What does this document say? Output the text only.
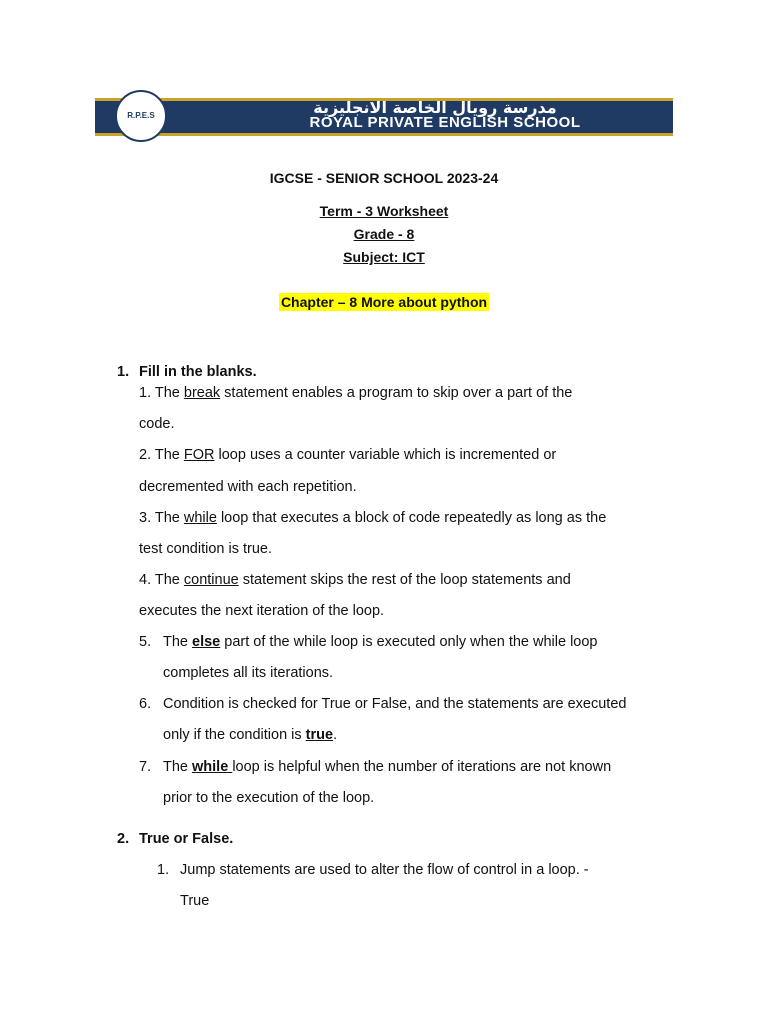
R.P.E.S	مدرسة رويال الخاصة الانجليزية
ROYAL PRIVATE ENGLISH SCHOOL
IGCSE - SENIOR SCHOOL 2023-24
Term - 3 Worksheet
Grade - 8
Subject: ICT
Chapter – 8 More about python
1. Fill in the blanks.
1. The break statement enables a program to skip over a part of the
code.
2. The FOR loop uses a counter variable which is incremented or
decremented with each repetition.
3. The while loop that executes a block of code repeatedly as long as the
test condition is true.
4. The continue statement skips the rest of the loop statements and
executes the next iteration of the loop.
5. The else part of the while loop is executed only when the while loop
completes all its iterations.
6. Condition is checked for True or False, and the statements are executed
only if the condition is true.
7. The while loop is helpful when the number of iterations are not known
prior to the execution of the loop.
2. True or False.
1. Jump statements are used to alter the flow of control in a loop. -
True
